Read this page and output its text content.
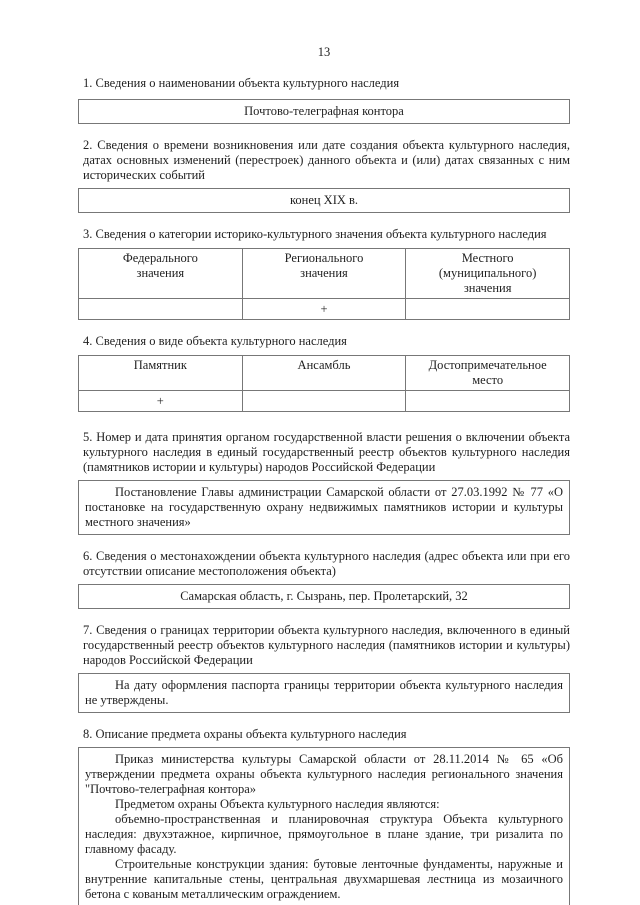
13

1. Сведения о наименовании объекта культурного наследия

Почтово-телеграфная контора

2. Сведения о времени возникновения или дате создания объекта культурного наследия, датах основных изменений (перестроек) данного объекта и (или) датах связанных с ним исторических событий

конец XIX в.

3. Сведения о категории историко-культурного значения объекта культурного наследия

Федерального значения	Регионального значения	Местного (муниципального) значения
	+	

4. Сведения о виде объекта культурного наследия

Памятник	Ансамбль	Достопримечательное место
+		

5. Номер и дата принятия органом государственной власти решения о включении объекта культурного наследия в единый государственный реестр объектов культурного наследия (памятников истории и культуры) народов Российской Федерации

Постановление Главы администрации Самарской области от 27.03.1992 № 77 «О постановке на государственную охрану недвижимых памятников истории и культуры местного значения»

6. Сведения о местонахождении объекта культурного наследия (адрес объекта или при его отсутствии описание местоположения объекта)

Самарская область, г. Сызрань, пер. Пролетарский, 32

7. Сведения о границах территории объекта культурного наследия, включенного в единый государственный реестр объектов культурного наследия (памятников истории и культуры) народов Российской Федерации

На дату оформления паспорта границы территории объекта культурного наследия не утверждены.

8. Описание предмета охраны объекта культурного наследия

Приказ министерства культуры Самарской области от 28.11.2014 № 65 «Об утверждении предмета охраны объекта культурного наследия регионального значения "Почтово-телеграфная контора»

Предметом охраны Объекта культурного наследия являются:

объемно-пространственная и планировочная структура Объекта культурного наследия: двухэтажное, кирпичное, прямоугольное в плане здание, три ризалита по главному фасаду.

Строительные конструкции здания: бутовые ленточные фундаменты, наружные и внутренние капитальные стены, центральная двухмаршевая лестница из мозаичного бетона с кованым металлическим ограждением.
